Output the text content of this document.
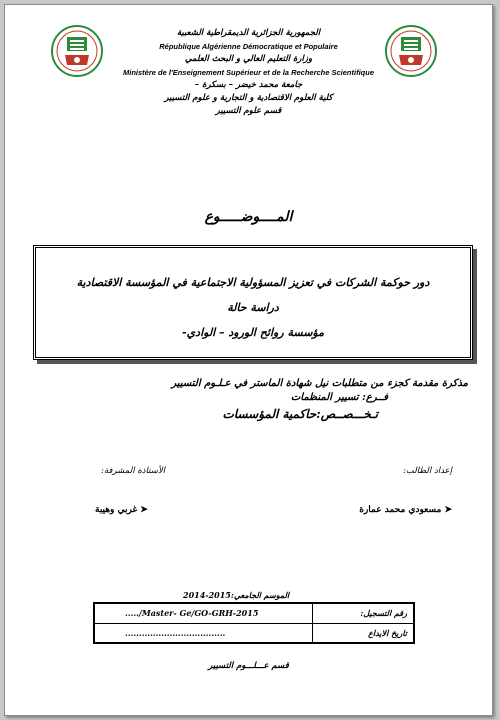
الجمهورية الجزائرية الديمقراطية الشعبية
République Algérienne Démocratique et Populaire
وزارة التعليم العالي و البحث العلمي
Ministère de l'Enseignement Supérieur et de la Recherche Scientifique
جامعة محمد خيضر – بسكرة –
كلية العلوم الاقتصادية و التجارية و علوم التسيير
قسم علوم التسيير
المــــوضـــــوع
دور حوكمة الشركات في تعزيز المسؤولية الاجتماعية في المؤسسة الاقتصادية
دراسة حالة
مؤسسة روائح الورود – الوادي-
مذكرة مقدمة كجزء من متطلبات نيل شهادة الماستر في عـلـوم التسيير
فــرع: تسيير المنظمات
تـخـــصــص:حاكمية المؤسسات
إعداد الطالب:
الأستاذة المشرفة:
➤ مسعودي محمد عمارة
➤ غربي وهيبة
الموسم الجامعي:2015-2014
...../Master- Ge/GO-GRH-2015	رقم التسجيل:
....................................	تاريخ الايداع
قسم عـــلـــوم التسيير
